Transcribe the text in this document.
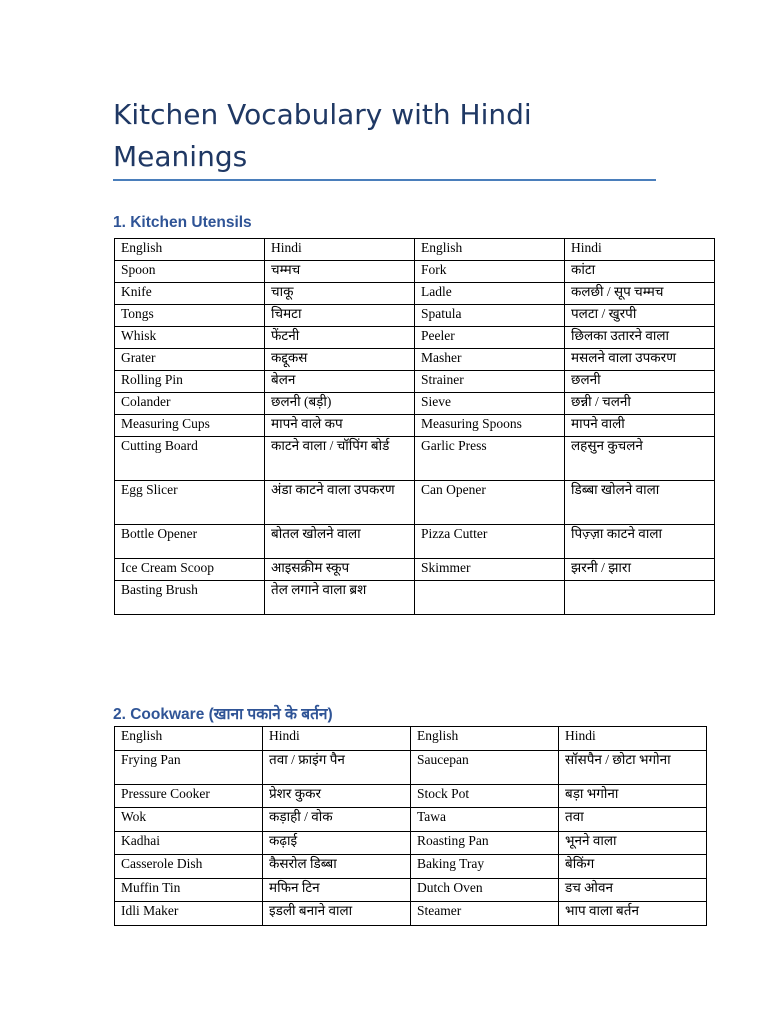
Kitchen Vocabulary with Hindi Meanings
1. Kitchen Utensils
English	Hindi	English	Hindi
Spoon	चम्मच	Fork	कांटा
Knife	चाकू	Ladle	कलछी / सूप चम्मच
Tongs	चिमटा	Spatula	पलटा / खुरपी
Whisk	फेंटनी	Peeler	छिलका उतारने वाला
Grater	कद्दूकस	Masher	मसलने वाला उपकरण
Rolling Pin	बेलन	Strainer	छलनी
Colander	छलनी (बड़ी)	Sieve	छन्नी / चलनी
Measuring Cups	मापने वाले कप	Measuring Spoons	मापने वाली
Cutting Board	काटने वाला / चॉपिंग बोर्ड	Garlic Press	लहसुन कुचलने
Egg Slicer	अंडा काटने वाला उपकरण	Can Opener	डिब्बा खोलने वाला
Bottle Opener	बोतल खोलने वाला	Pizza Cutter	पिज़्ज़ा काटने वाला
Ice Cream Scoop	आइसक्रीम स्कूप	Skimmer	झरनी / झारा
Basting Brush	तेल लगाने वाला ब्रश		
2. Cookware (खाना पकाने के बर्तन)
English	Hindi	English	Hindi
Frying Pan	तवा / फ्राइंग पैन	Saucepan	सॉसपैन / छोटा भगोना
Pressure Cooker	प्रेशर कुकर	Stock Pot	बड़ा भगोना
Wok	कड़ाही / वोक	Tawa	तवा
Kadhai	कढ़ाई	Roasting Pan	भूनने वाला
Casserole Dish	कैसरोल डिब्बा	Baking Tray	बेकिंग
Muffin Tin	मफिन टिन	Dutch Oven	डच ओवन
Idli Maker	इडली बनाने वाला	Steamer	भाप वाला बर्तन
